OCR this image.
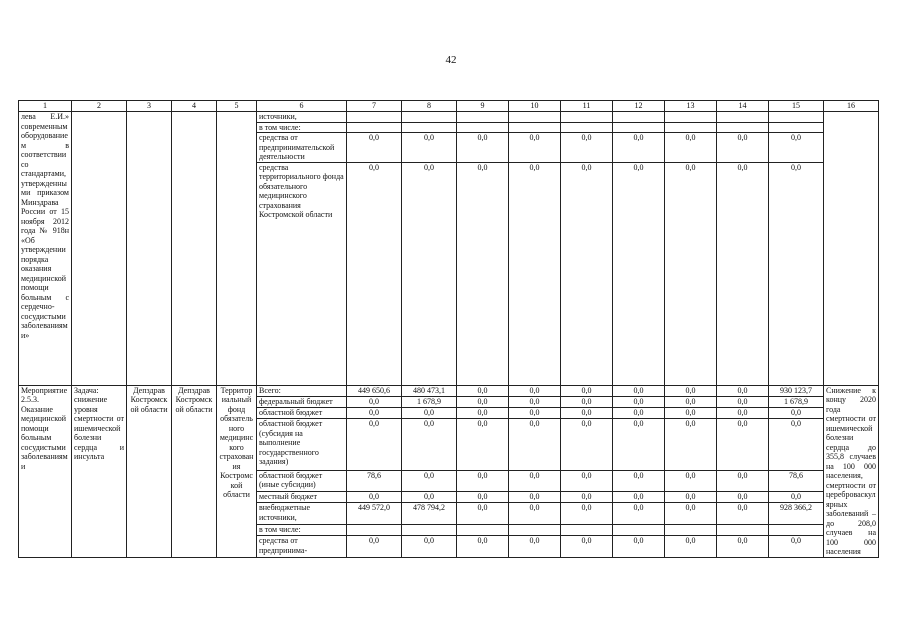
42
1	2	3	4	5	6	7	8	9	10	11	12	13	14	15	16
лева Е.И.» современным оборудованием в соответствии со стандартами, утвержденными приказом Минздрава России от 15 ноября 2012 года № 918н «Об утверждении порядка оказания медицинской помощи больным с сердечно-сосудистыми заболеваниями»					источники,										
					в том числе:										
					средства от предпринимательской деятельности	0,0	0,0	0,0	0,0	0,0	0,0	0,0	0,0	0,0	
					средства территориального фонда обязательного медицинского страхования Костромской области	0,0	0,0	0,0	0,0	0,0	0,0	0,0	0,0	0,0	
Мероприятие 2.5.3. Оказание медицинской помощи больным сосудистыми заболеваниями	Задача: снижение уровня смертности от ишемической болезни сердца и инсульта	Депздрав Костромской области	Депздрав Костромской области	Территориальный фонд обязательного медицинского страхования Костромской области	Всего:	449 650,6	480 473,1	0,0	0,0	0,0	0,0	0,0	0,0	930 123,7	Снижение к концу 2020 года смертности от ишемической болезни сердца до 355,8 случаев на 100 000 населения, смертности от цереброваскулярных заболеваний – до 208,0 случаев на 100 000 населения
					федеральный бюджет	0,0	1 678,9	0,0	0,0	0,0	0,0	0,0	0,0	1 678,9	
					областной бюджет	0,0	0,0	0,0	0,0	0,0	0,0	0,0	0,0	0,0	
					областной бюджет (субсидия на выполнение государственного задания)	0,0	0,0	0,0	0,0	0,0	0,0	0,0	0,0	0,0	
					областной бюджет (иные субсидии)	78,6	0,0	0,0	0,0	0,0	0,0	0,0	0,0	78,6	
					местный бюджет	0,0	0,0	0,0	0,0	0,0	0,0	0,0	0,0	0,0	
					внебюджетные источники,	449 572,0	478 794,2	0,0	0,0	0,0	0,0	0,0	0,0	928 366,2	
					в том числе:										
					средства от предпринима-	0,0	0,0	0,0	0,0	0,0	0,0	0,0	0,0	0,0	
